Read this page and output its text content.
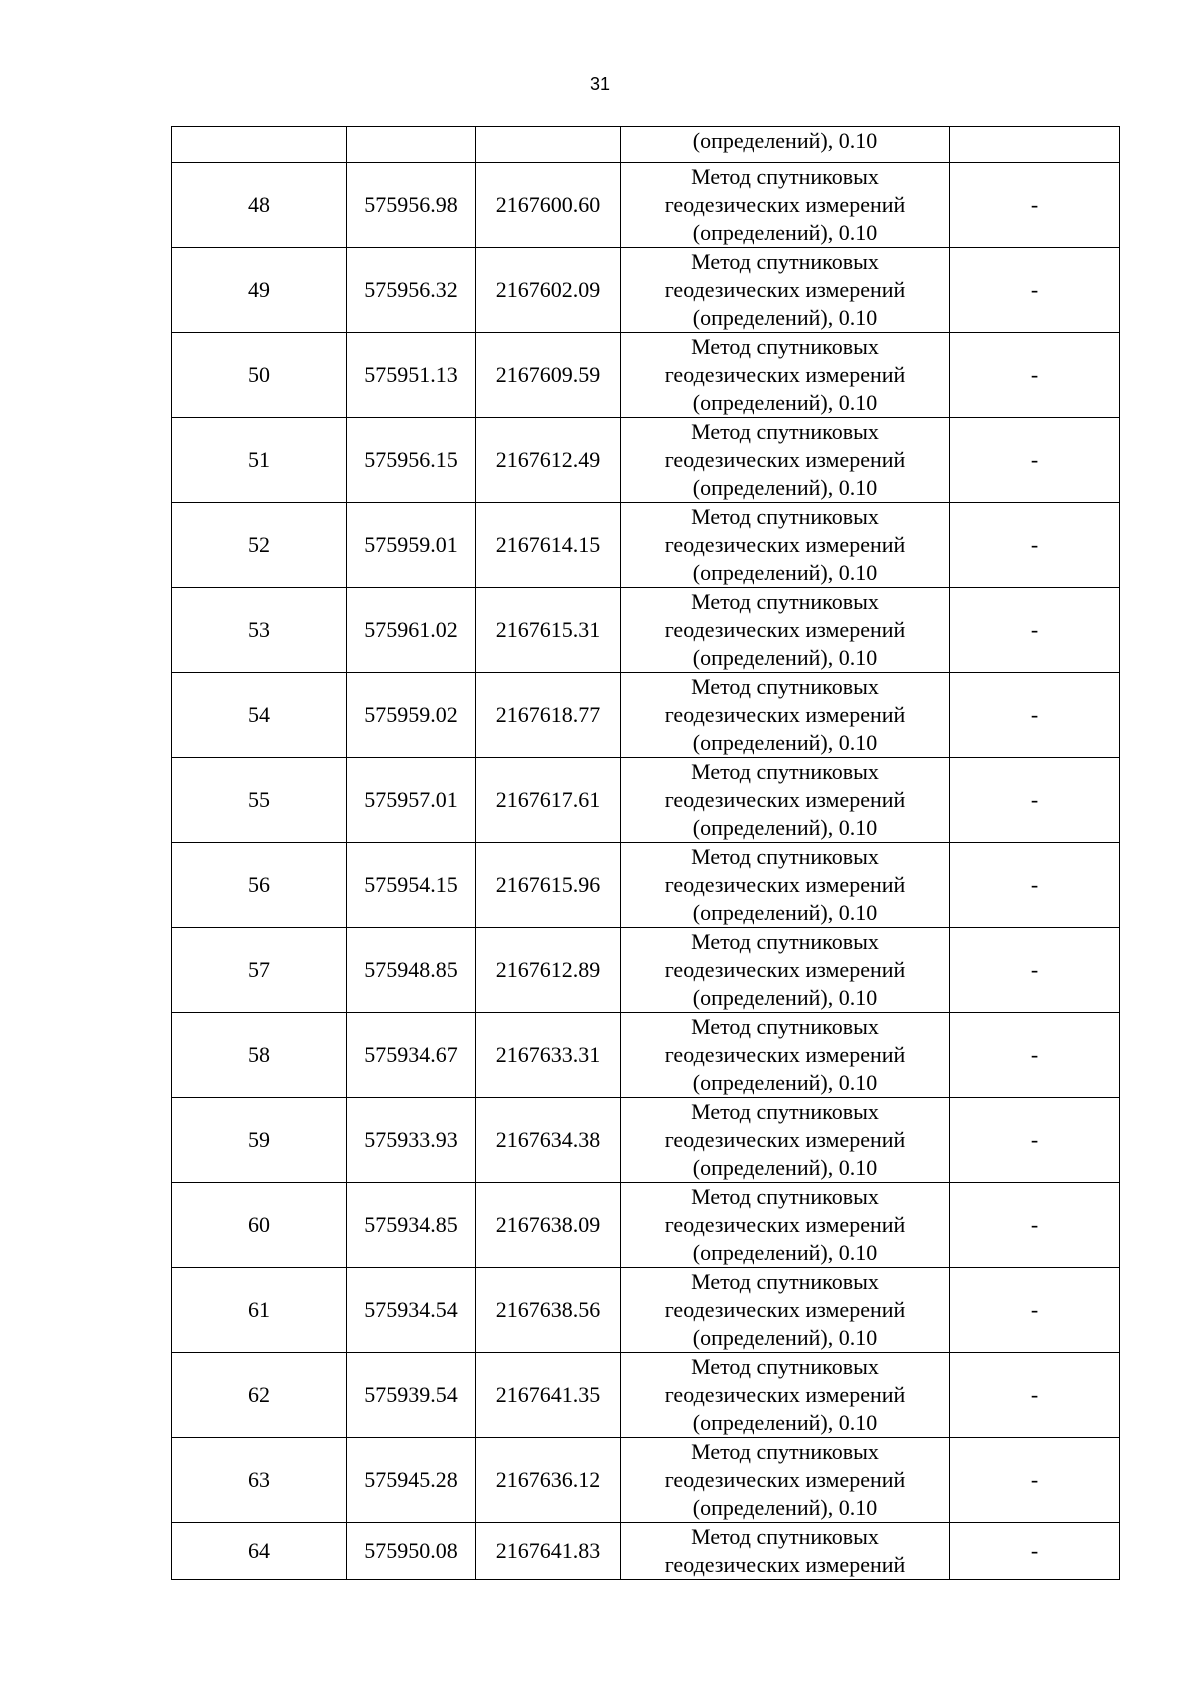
31

			(определений), 0.10	

48	575956.98	2167600.60	Метод спутниковых
геодезических измерений
(определений), 0.10	-
49	575956.32	2167602.09	Метод спутниковых
геодезических измерений
(определений), 0.10	-
50	575951.13	2167609.59	Метод спутниковых
геодезических измерений
(определений), 0.10	-
51	575956.15	2167612.49	Метод спутниковых
геодезических измерений
(определений), 0.10	-
52	575959.01	2167614.15	Метод спутниковых
геодезических измерений
(определений), 0.10	-
53	575961.02	2167615.31	Метод спутниковых
геодезических измерений
(определений), 0.10	-
54	575959.02	2167618.77	Метод спутниковых
геодезических измерений
(определений), 0.10	-
55	575957.01	2167617.61	Метод спутниковых
геодезических измерений
(определений), 0.10	-
56	575954.15	2167615.96	Метод спутниковых
геодезических измерений
(определений), 0.10	-
57	575948.85	2167612.89	Метод спутниковых
геодезических измерений
(определений), 0.10	-
58	575934.67	2167633.31	Метод спутниковых
геодезических измерений
(определений), 0.10	-
59	575933.93	2167634.38	Метод спутниковых
геодезических измерений
(определений), 0.10	-
60	575934.85	2167638.09	Метод спутниковых
геодезических измерений
(определений), 0.10	-
61	575934.54	2167638.56	Метод спутниковых
геодезических измерений
(определений), 0.10	-
62	575939.54	2167641.35	Метод спутниковых
геодезических измерений
(определений), 0.10	-
63	575945.28	2167636.12	Метод спутниковых
геодезических измерений
(определений), 0.10	-
64	575950.08	2167641.83	Метод спутниковых
геодезических измерений	-
